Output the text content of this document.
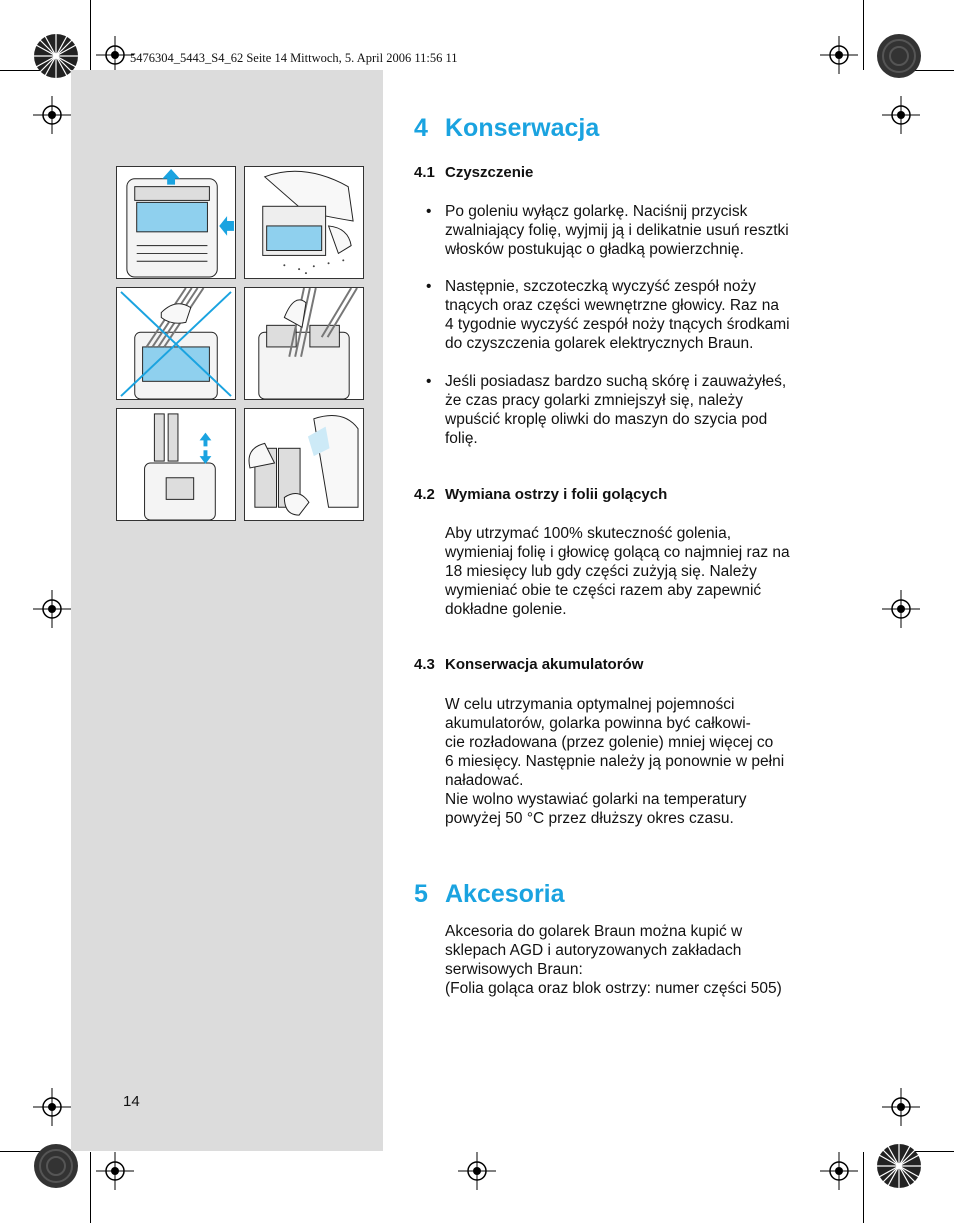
5476304_5443_S4_62 Seite 14 Mittwoch, 5. April 2006 11:56 11
14
4 Konserwacja
4.1 Czyszczenie
• Po goleniu wyłącz golarkę. Naciśnij przycisk
zwalniający folię, wyjmij ją i delikatnie usuń resztki
włosków postukując o gładką powierzchnię.
• Następnie, szczoteczką wyczyść zespół noży
tnących oraz części wewnętrzne głowicy. Raz na
4 tygodnie wyczyść zespół noży tnących środkami
do czyszczenia golarek elektrycznych Braun.
• Jeśli posiadasz bardzo suchą skórę i zauważyłeś,
że czas pracy golarki zmniejszył się, należy
wpuścić kroplę oliwki do maszyn do szycia pod
folię.
4.2 Wymiana ostrzy i folii golących
Aby utrzymać 100% skuteczność golenia,
wymieniaj folię i głowicę golącą co najmniej raz na
18 miesięcy lub gdy części zużyją się. Należy
wymieniać obie te części razem aby zapewnić
dokładne golenie.
4.3 Konserwacja akumulatorów
W celu utrzymania optymalnej pojemności
akumulatorów, golarka powinna być całkowi-
cie rozładowana (przez golenie) mniej więcej co
6 miesięcy. Następnie należy ją ponownie w pełni
naładować.
Nie wolno wystawiać golarki na temperatury
powyżej 50 °C przez dłuższy okres czasu.
5 Akcesoria
Akcesoria do golarek Braun można kupić w
sklepach AGD i autoryzowanych zakładach
serwisowych Braun:
(Folia goląca oraz blok ostrzy: numer części 505)
